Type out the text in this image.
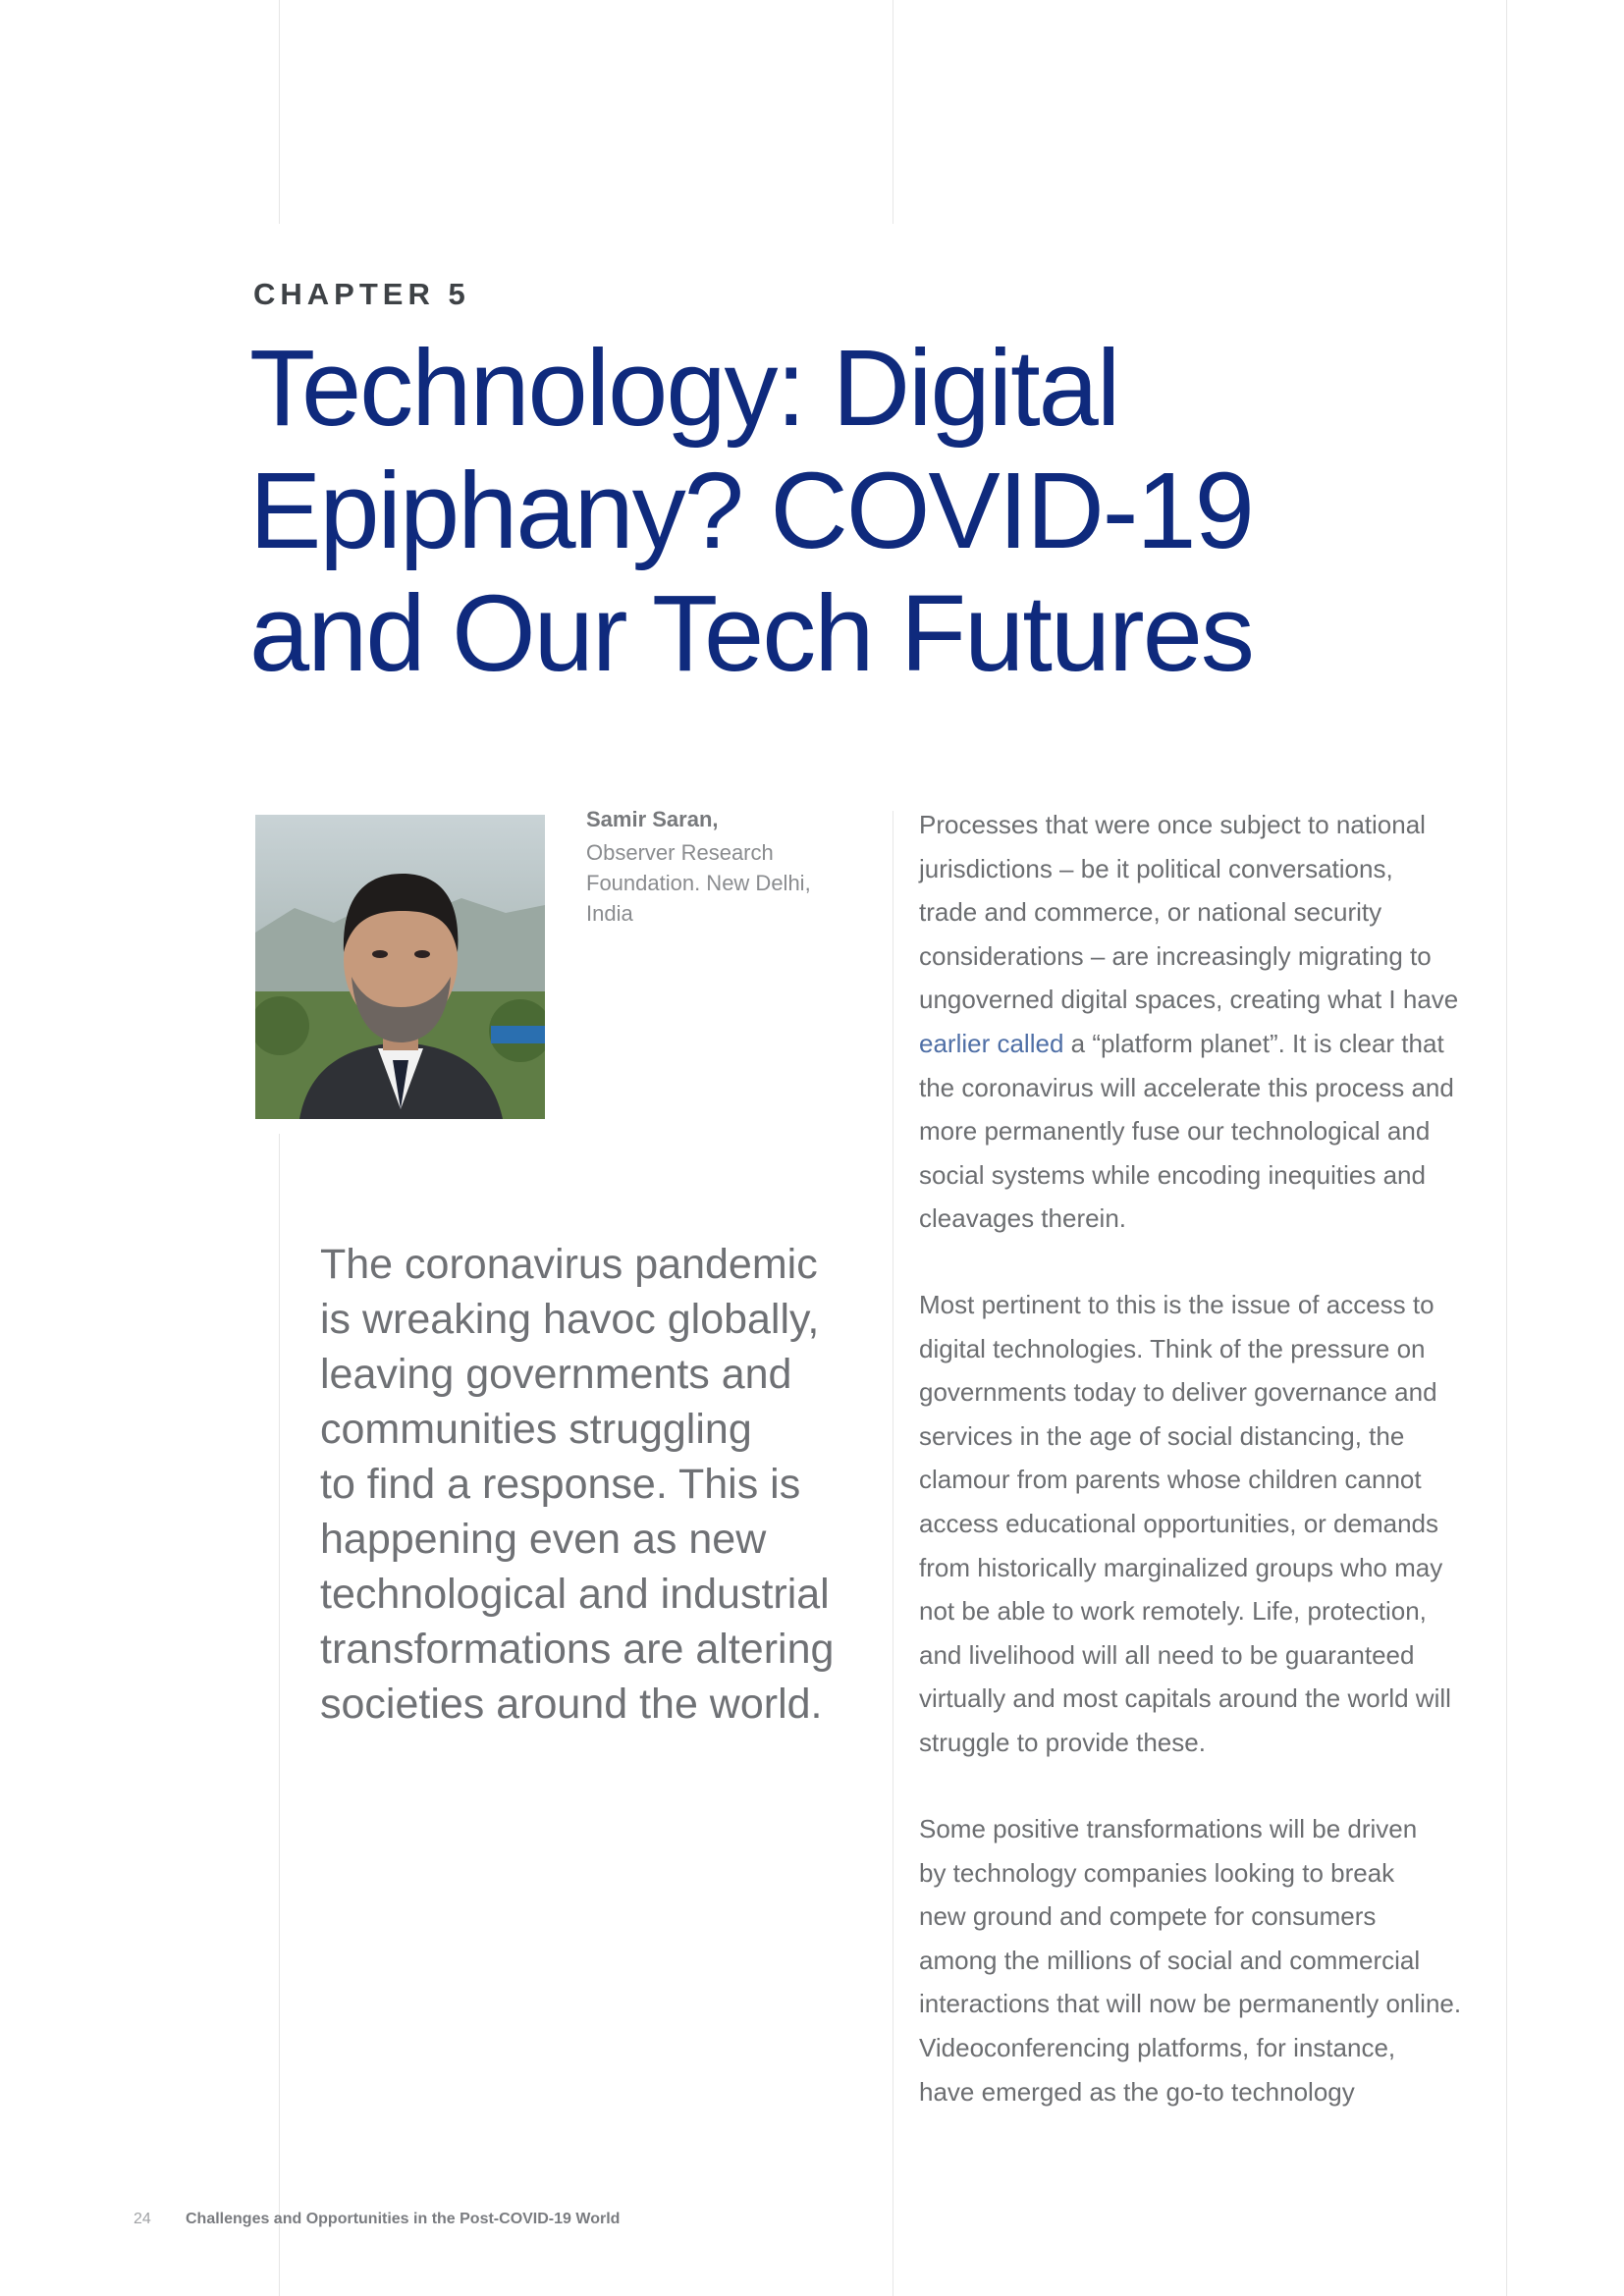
CHAPTER 5
Technology: Digital
Epiphany? COVID-19
and Our Tech Futures
Samir Saran,
Observer Research Foundation. New Delhi, India
The coronavirus pandemic
is wreaking havoc globally,
leaving governments and
communities struggling
to find a response. This is
happening even as new
technological and industrial
transformations are altering
societies around the world.
Processes that were once subject to national
jurisdictions – be it political conversations,
trade and commerce, or national security
considerations – are increasingly migrating to
ungoverned digital spaces, creating what I have
earlier called a “platform planet”. It is clear that
the coronavirus will accelerate this process and
more permanently fuse our technological and
social systems while encoding inequities and
cleavages therein.
Most pertinent to this is the issue of access to
digital technologies. Think of the pressure on
governments today to deliver governance and
services in the age of social distancing, the
clamour from parents whose children cannot
access educational opportunities, or demands
from historically marginalized groups who may
not be able to work remotely. Life, protection,
and livelihood will all need to be guaranteed
virtually and most capitals around the world will
struggle to provide these.
Some positive transformations will be driven
by technology companies looking to break
new ground and compete for consumers
among the millions of social and commercial
interactions that will now be permanently online.
Videoconferencing platforms, for instance,
have emerged as the go-to technology
24 Challenges and Opportunities in the Post-COVID-19 World
